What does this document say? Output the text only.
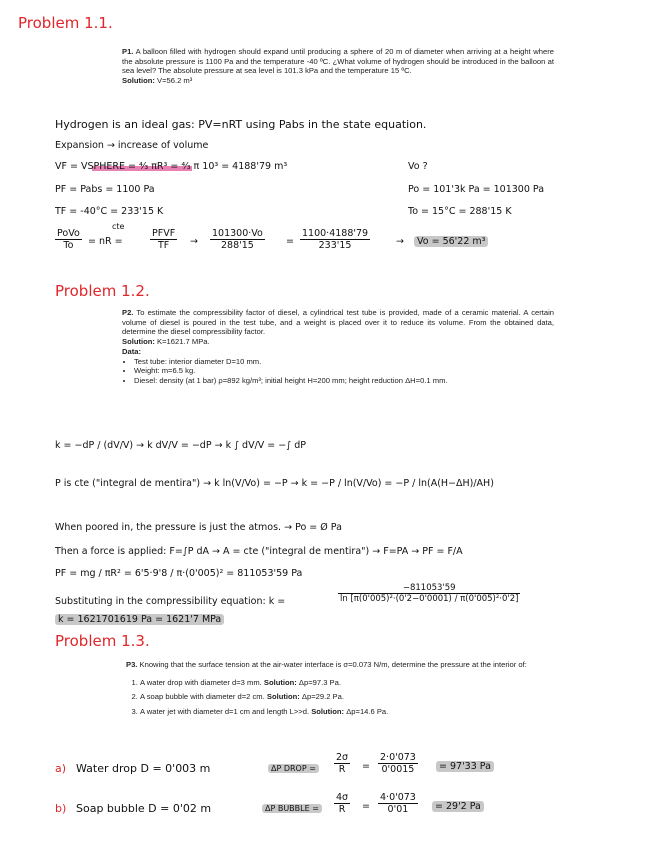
Problem 1.1.
P1. A balloon filled with hydrogen should expand until producing a sphere of 20 m of diameter when arriving at a height where the absolute pressure is 1100 Pa and the temperature -40 ºC. ¿What volume of hydrogen should be introduced in the balloon at sea level? The absolute pressure at sea level is 101.3 kPa and the temperature 15 ºC.
Solution: V=56.2 m³
Hydrogen is an ideal gas: PV=nRT using Pabs in the state equation.
Expansion → increase of volume
VF = VSPHERE = ⁴⁄₃ πR³ = ⁴⁄₃ π 10³ = 4188'79 m³	Vo ?
PF = Pabs = 1100 Pa	Po = 101'3k Pa = 101300 Pa
TF = -40°C = 233'15 K	To = 15°C = 288'15 K
cte
PoVo
To	= nR =
PFVF
TF	→ $\frac{101300\cdot Vo}{288'15} = \frac{1100\cdot 4188'79}{233'15}$	→	Vo = 56'22 m³
Problem 1.2.
P2. To estimate the compressibility factor of diesel, a cylindrical test tube is provided, made of a ceramic material. A certain volume of diesel is poured in the test tube, and a weight is placed over it to reduce its volume. From the obtained data, determine the diesel compressibility factor.
Solution: K=1621.7 MPa.
Data:
• Test tube: interior diameter D=10 mm.
• Weight: m=6.5 kg.
• Diesel: density (at 1 bar) ρ=892 kg/m³; initial height H=200 mm; height reduction ΔH=0.1 mm.
k = −dP / (dV/V) → k dV/V = −dP → k ∫ dV/V = −∫ dP
P is cte ("integral de mentira") → k ln(V/Vo) = −P → k = −P / ln(V/Vo) = −P / ln(A(H−ΔH)/AH)
When poored in, the pressure is just the atmos. → Po = Ø Pa
Then a force is applied: F=∫P dA → A = cte ("integral de mentira") → F=PA → PF = F/A
PF = mg / πR² = 6'5·9'8 / π·(0'005)² = 811053'59 Pa
Substituting in the compressibility equation: k =	$\frac{-811053'59}{\text{ln [π(0'005)²·(0'2−0'0001) / π(0'005)²·0'2]}}$
k = 1621701619 Pa = 1621'7 MPa
Problem 1.3.
P3. Knowing that the surface tension at the air-water interface is σ=0.073 N/m, determine the pressure at the interior of:
1. A water drop with diameter d=3 mm. Solution: Δp=97.3 Pa.
2. A soap bubble with diameter d=2 cm. Solution: Δp=29.2 Pa.
3. A water jet with diameter d=1 cm and length L>>d. Solution: Δp=14.6 Pa.
a) Water drop D = 0'003 m	ΔP DROP =	$\frac{2\sigma}{R} = \frac{2\cdot 0'073}{0'0015}$	= 97'33 Pa
b) Soap bubble D = 0'02 m	ΔP BUBBLE =	$\frac{4\sigma}{R} = \frac{4\cdot 0'073}{0'01}$	= 29'2 Pa
